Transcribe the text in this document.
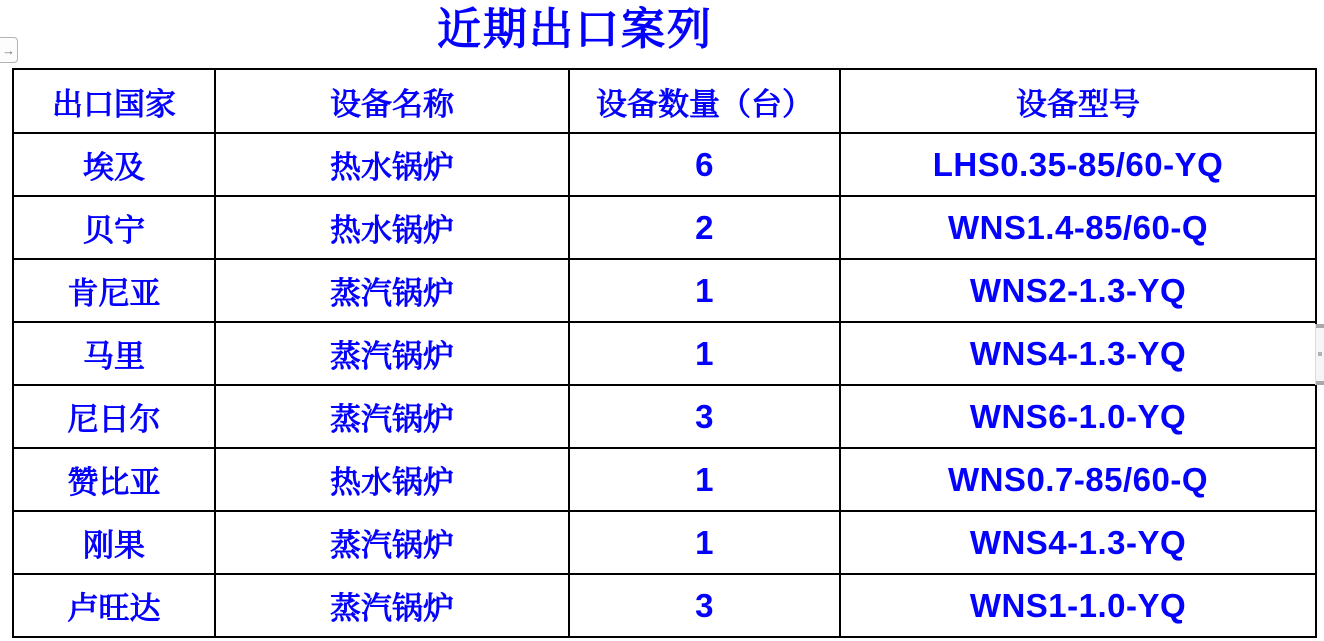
→	近期出口案列
出口国家	设备名称	设备数量（台）	设备型号
埃及	热水锅炉	6	LHS0.35-85/60-YQ
贝宁	热水锅炉	2	WNS1.4-85/60-Q
肯尼亚	蒸汽锅炉	1	WNS2-1.3-YQ
马里	蒸汽锅炉	1	WNS4-1.3-YQ
尼日尔	蒸汽锅炉	3	WNS6-1.0-YQ
赞比亚	热水锅炉	1	WNS0.7-85/60-Q
刚果	蒸汽锅炉	1	WNS4-1.3-YQ
卢旺达	蒸汽锅炉	3	WNS1-1.0-YQ
